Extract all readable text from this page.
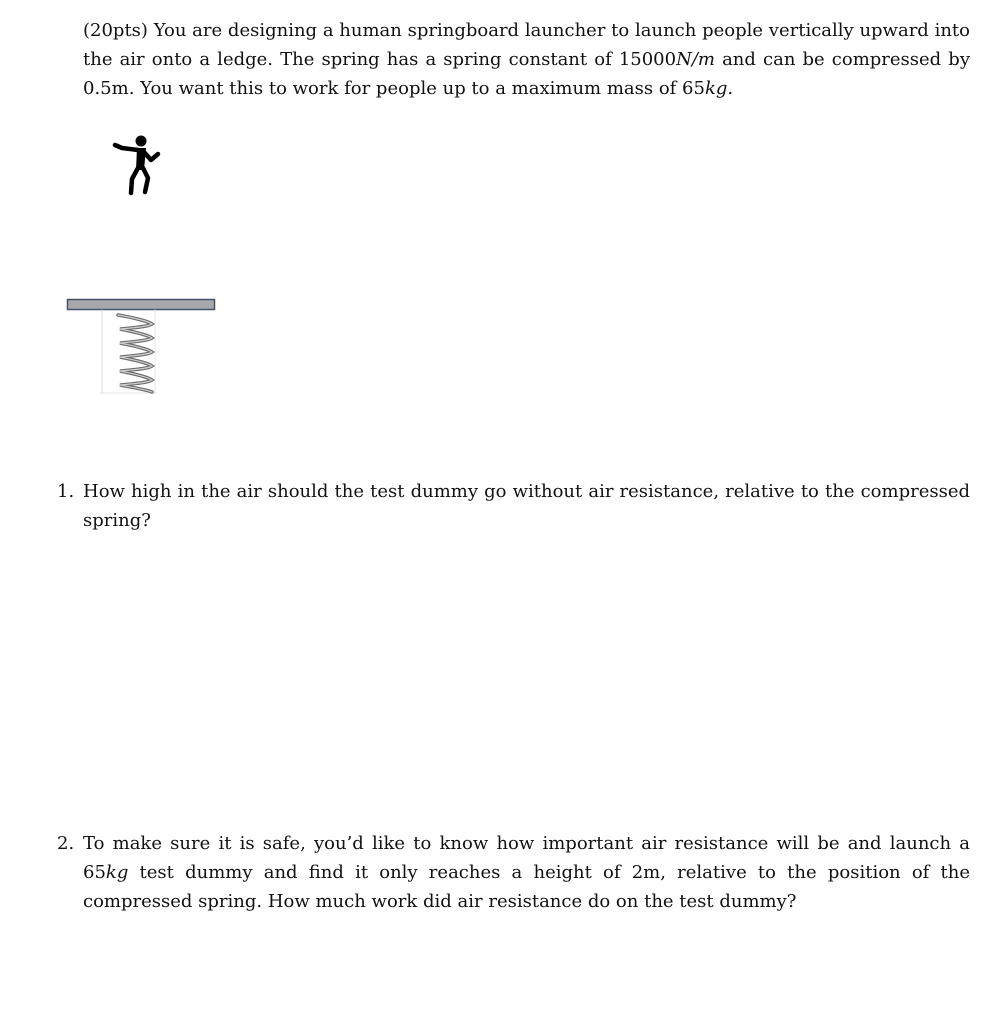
(20pts) You are designing a human springboard launcher to launch people vertically upward into the air onto a ledge. The spring has a spring constant of 15000N/m and can be compressed by 0.5m. You want this to work for people up to a maximum mass of 65kg.

1. How high in the air should the test dummy go without air resistance, relative to the compressed spring?
2. To make sure it is safe, you’d like to know how important air resistance will be and launch a 65kg test dummy and find it only reaches a height of 2m, relative to the position of the compressed spring. How much work did air resistance do on the test dummy?
